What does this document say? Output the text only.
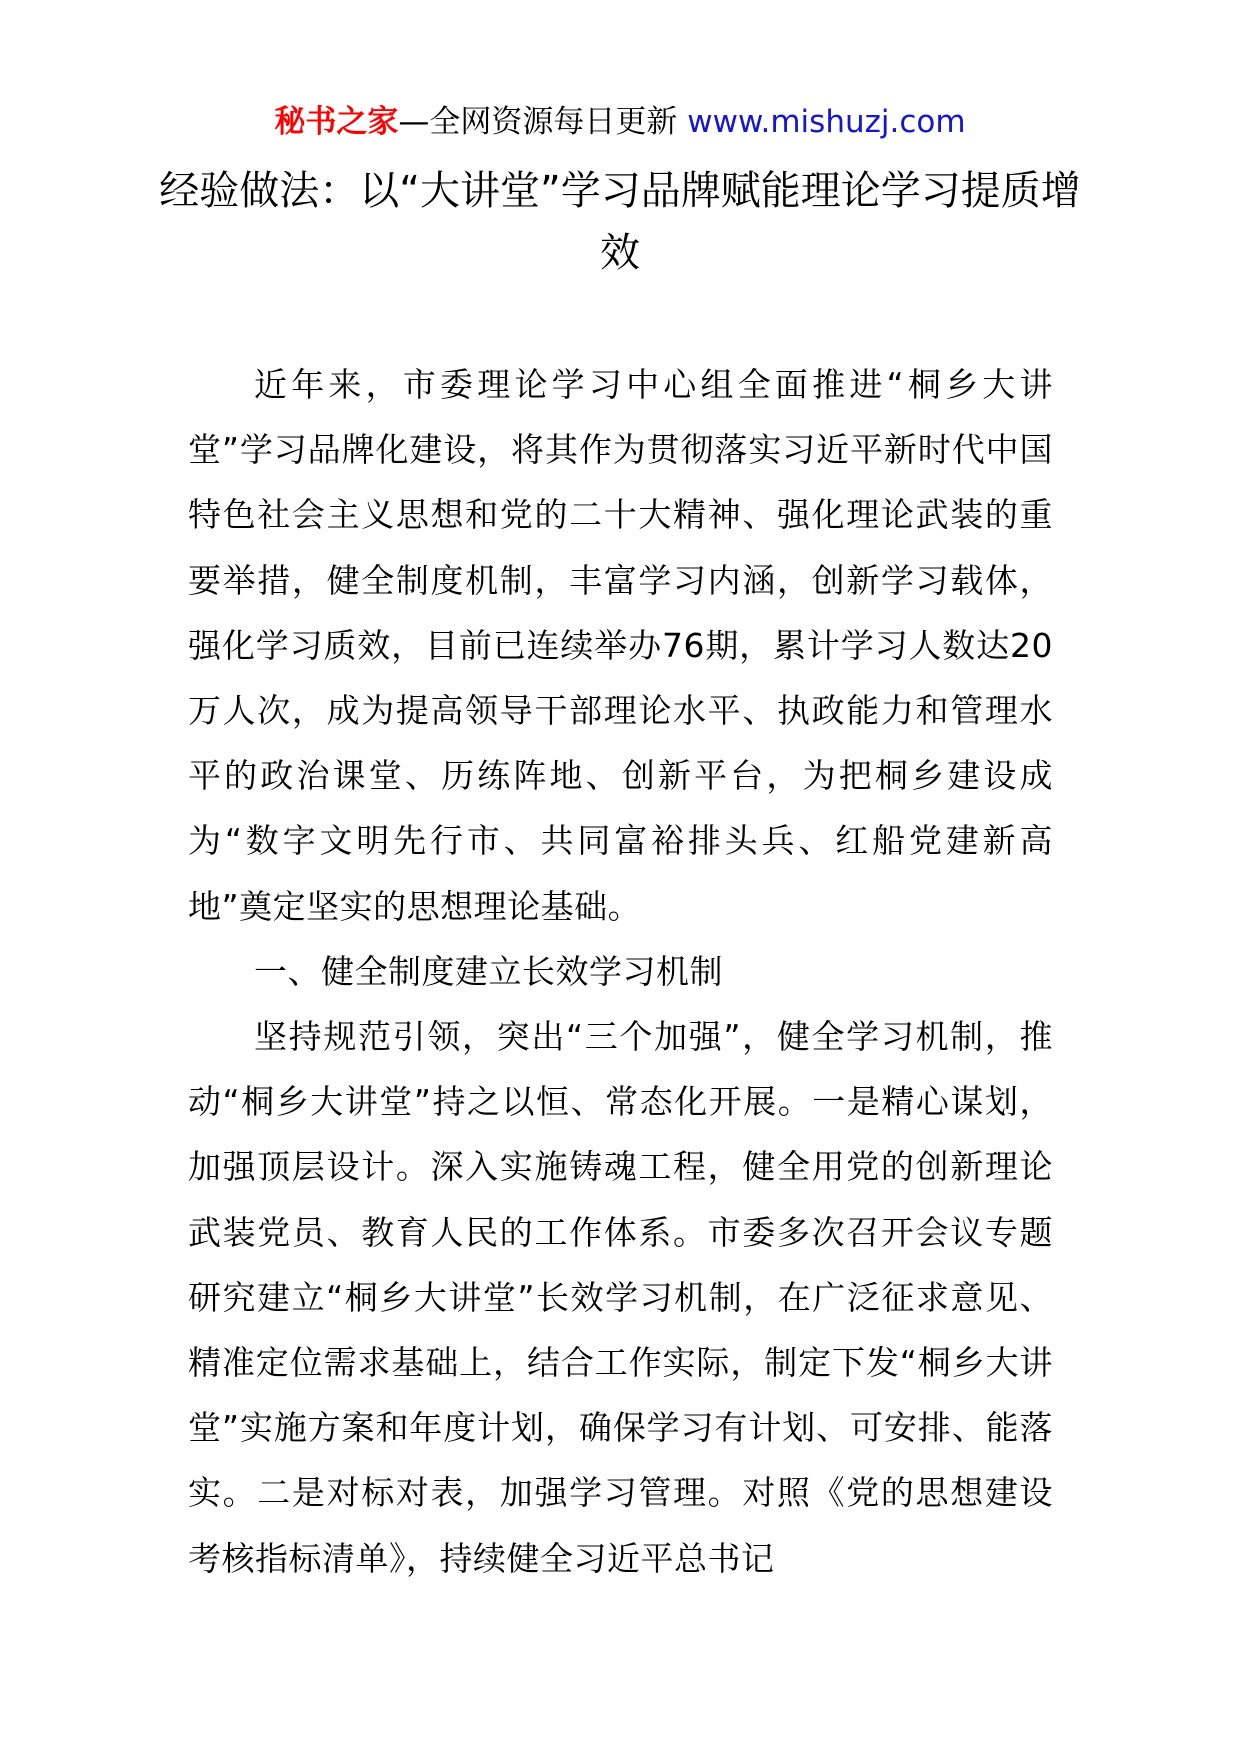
秘书之家—全网资源每日更新 www.mishuzj.com
经验做法：以“大讲堂”学习品牌赋能理论学习提质增效

近年来，市委理论学习中心组全面推进“桐乡大讲堂”学习品牌化建设，将其作为贯彻落实习近平新时代中国特色社会主义思想和党的二十大精神、强化理论武装的重要举措，健全制度机制，丰富学习内涵，创新学习载体，强化学习质效，目前已连续举办76期，累计学习人数达20万人次，成为提高领导干部理论水平、执政能力和管理水平的政治课堂、历练阵地、创新平台，为把桐乡建设成为“数字文明先行市、共同富裕排头兵、红船党建新高地”奠定坚实的思想理论基础。

一、健全制度建立长效学习机制

坚持规范引领，突出“三个加强”，健全学习机制，推动“桐乡大讲堂”持之以恒、常态化开展。一是精心谋划，加强顶层设计。深入实施铸魂工程，健全用党的创新理论武装党员、教育人民的工作体系。市委多次召开会议专题研究建立“桐乡大讲堂”长效学习机制，在广泛征求意见、精准定位需求基础上，结合工作实际，制定下发“桐乡大讲堂”实施方案和年度计划，确保学习有计划、可安排、能落实。二是对标对表，加强学习管理。对照《党的思想建设考核指标清单》，持续健全习近平总书记
